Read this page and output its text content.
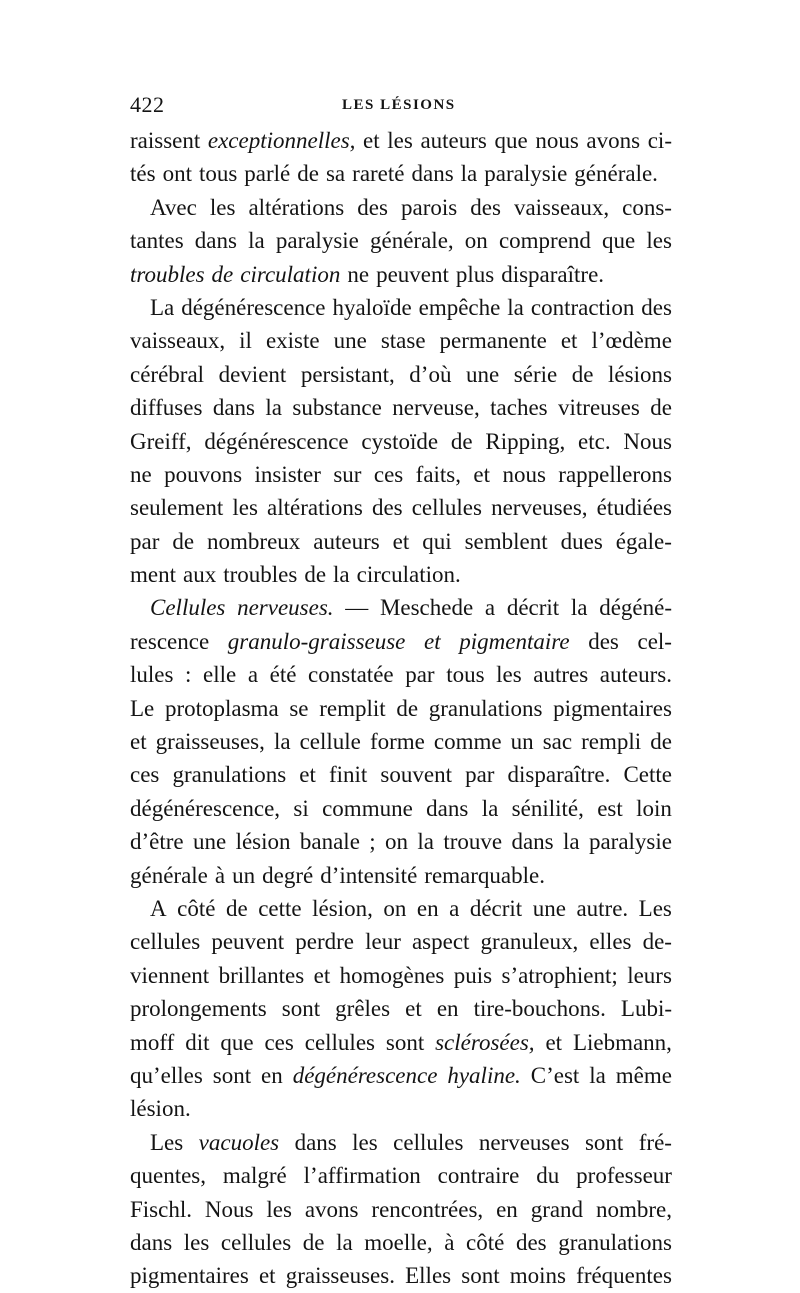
422	LES LÉSIONS
raissent exceptionnelles, et les auteurs que nous avons ci-
tés ont tous parlé de sa rareté dans la paralysie générale.
Avec les altérations des parois des vaisseaux, cons-
tantes dans la paralysie générale, on comprend que les
troubles de circulation ne peuvent plus disparaître.
La dégénérescence hyaloïde empêche la contraction des
vaisseaux, il existe une stase permanente et l’œdème
cérébral devient persistant, d’où une série de lésions
diffuses dans la substance nerveuse, taches vitreuses de
Greiff, dégénérescence cystoïde de Ripping, etc. Nous
ne pouvons insister sur ces faits, et nous rappellerons
seulement les altérations des cellules nerveuses, étudiées
par de nombreux auteurs et qui semblent dues égale-
ment aux troubles de la circulation.
Cellules nerveuses. — Meschede a décrit la dégéné-
rescence granulo-graisseuse et pigmentaire des cel-
lules : elle a été constatée par tous les autres auteurs.
Le protoplasma se remplit de granulations pigmentaires
et graisseuses, la cellule forme comme un sac rempli de
ces granulations et finit souvent par disparaître. Cette
dégénérescence, si commune dans la sénilité, est loin
d’être une lésion banale ; on la trouve dans la paralysie
générale à un degré d’intensité remarquable.
A côté de cette lésion, on en a décrit une autre. Les
cellules peuvent perdre leur aspect granuleux, elles de-
viennent brillantes et homogènes puis s’atrophient; leurs
prolongements sont grêles et en tire-bouchons. Lubi-
moff dit que ces cellules sont sclérosées, et Liebmann,
qu’elles sont en dégénérescence hyaline. C’est la même
lésion.
Les vacuoles dans les cellules nerveuses sont fré-
quentes, malgré l’affirmation contraire du professeur
Fischl. Nous les avons rencontrées, en grand nombre,
dans les cellules de la moelle, à côté des granulations
pigmentaires et graisseuses. Elles sont moins fréquentes
